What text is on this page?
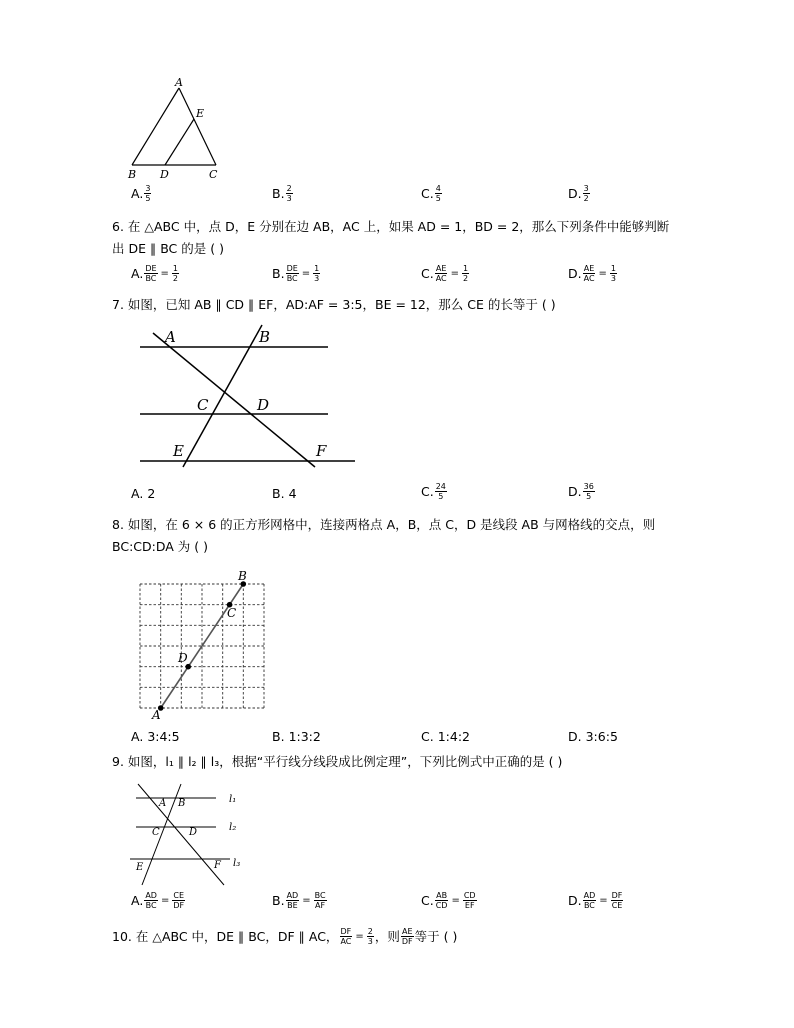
A
E
B D	C
A. $\frac{3}{5}$	B. $\frac{2}{3}$	C. $\frac{4}{5}$	D. $\frac{3}{2}$
6. 在 △ABC 中，点 D，E 分别在边 AB，AC 上，如果 AD = 1，BD = 2，那么下列条件中能够判断
出 DE ∥ BC 的是 ( )
A. $\frac{DE}{BC} = \frac{1}{2}$	B. $\frac{DE}{BC} = \frac{1}{3}$	C. $\frac{AE}{AC} = \frac{1}{2}$	D. $\frac{AE}{AC} = \frac{1}{3}$
7. 如图，已知 AB ∥ CD ∥ EF，AD:AF = 3:5，BE = 12，那么 CE 的长等于 ( )
A	B
C	D
E	F
A. 2	B. 4	C. $\frac{24}{5}$	D. $\frac{36}{5}$
8. 如图，在 6 × 6 的正方形网格中，连接两格点 A，B，点 C，D 是线段 AB 与网格线的交点，则
BC:CD:DA 为 ( )
A
B
C
D
A. 3:4:5	B. 1:3:2	C. 1:4:2	D. 3:6:5
9. 如图，l₁ ∥ l₂ ∥ l₃，根据“平行线分线段成比例定理”，下列比例式中正确的是 ( )
A B
C	D
E	F
l₁
l₂
l₃
A. $\frac{AD}{BC} = \frac{CE}{DF}$	B. $\frac{AD}{BE} = \frac{BC}{AF}$	C. $\frac{AB}{CD} = \frac{CD}{EF}$	D. $\frac{AD}{BC} = \frac{DF}{CE}$
10. 在 △ABC 中，DE ∥ BC，DF ∥ AC， $\frac{DF}{AC} = \frac{2}{3}$ ，则 $\frac{AE}{DF}$ 等于 ( )
